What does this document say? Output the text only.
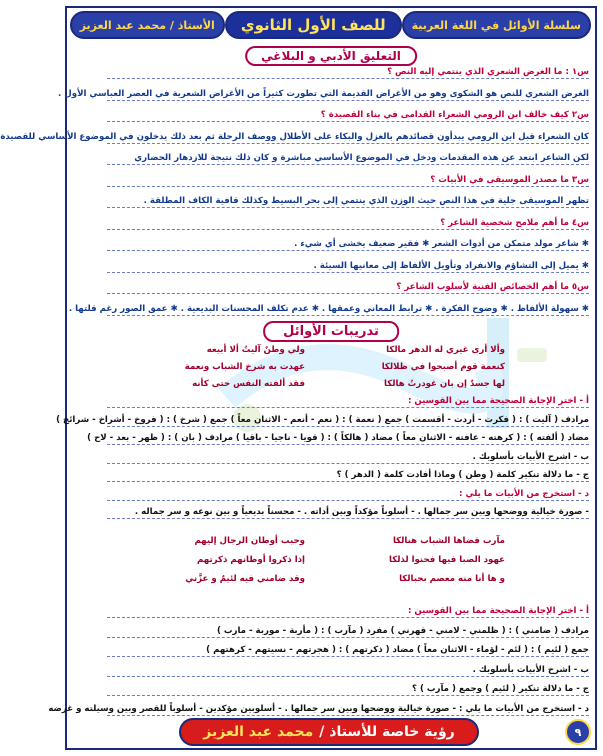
سلسلة الأوائل في اللغة العربية
للصف الأول الثانوي
الأستاذ / محمد عبد العزيز
التعليق الأدبي و البلاغي
س١ : ما الغرض الشعري الذي ينتمي إليه النص ؟
الغرض الشعري للنص هو الشكوى وهو من الأغراض القديمة التي تطورت كثيراً من الأغراض الشعرية في العصر العباسي الأول .
س٢ كيف خالف ابن الرومي الشعراء القدامى في بناء القصيدة ؟
كان الشعراء قبل ابن الرومي يبدأون قصائدهم بالغزل والبكاء على الأطلال ووصف الرحلة ثم بعد ذلك يدخلون في الموضوع الأساسي للقصيدة
لكن الشاعر ابتعد عن هذه المقدمات ودخل في الموضوع الأساسي مباشرة و كان ذلك نتيجة للازدهار الحضاري
س٣ ما مصدر الموسيقى في الأبيات ؟
تظهر الموسيقى جلية في هذا النص حيث الوزن الذي ينتمي إلى بحر البسيط وكذلك قافية الكاف المطلقة .
س٤ ما أهم ملامح شخصية الشاعر ؟
✱ شاعر مولد متمكن من أدوات الشعر ✱ فقير ضعيف يخشى أي شيء .
✱ يميل إلى التشاؤم والانفراد وتأويل الألفاظ إلى معانيها السيئة .
س٥ ما أهم الخصائص الفنية لأسلوب الشاعر ؟
✱ سهولة الألفاظ . ✱ وضوح الفكرة . ✱ ترابط المعاني وعمقها . ✱ عدم تكلف المحسنات البديعية . ✱ عمق الصور رغم قلتها .
تدريبات الأوائل
ولي وطنٌ آليتُ ألا أبيعه	وألا أرى غيري له الدهر مالكا
عهدت به شرخ الشباب ونعمة	كنعمة قوم أصبحوا في ظلالكا
فقد ألفته النفس حتى كأنه	لها جسدٌ إن بان غودرتُ هالكا
أ - اختر الإجابة الصحيحة مما بين القوسين :
مرادف ( آليت ) : ( فكرت - أردت - أقسمت ) جمع ( نعمة ) : ( نعم - أنعم - الاثنان معاً ) جمع ( شرخ ) : ( فروخ - أشراخ - شرائخ )
مضاد ( ألفته ) : ( كرهته - عافته - الاثنان معاً ) مضاد ( هالكاً ) : ( قويا - ناجيا - باقيا ) مرادف ( بان ) : ( ظهر - بعد - لاح )
ب - اشرح الأبيات بأسلوبك .
ج - ما دلالة تنكير كلمة ( وطن ) وماذا أفادت كلمة ( الدهر ) ؟
د - استخرج من الأبيات ما يلي :
- صورة خيالية ووضحها وبين سر جمالها . - أسلوباً مؤكداً وبين أداته . - محسناً بديعياً و بين نوعه و سر جماله .
وحبب أوطان الرجال إليهم	مآرب قضاها الشباب هنالكا
إذا ذكروا أوطانهم ذكرتهم	عهود الصبا فيها فحنوا لذلكا
وقد ضامني فيه لئيمٌ و عزَّني	و ها أنا منه معصم بحبالكا
أ - اختر الإجابة الصحيحة مما بين القوسين :
مرادف ( ضامني ) : ( ظلمني - لامني - قهرني ) مفرد ( مآرب ) : ( مأربة - موربة - مارب )
جمع ( لئيم ) : ( لئم - لؤماء - الاثنان معاً ) مضاد ( ذكرتهم ) : ( هجرتهم - نسيتهم - كرهتهم )
ب - اشرح الأبيات بأسلوبك .
ج - ما دلالة تنكير ( لئيم ) وجمع ( مآرب ) ؟
د - استخرج من الأبيات ما يلي : - صورة خيالية ووضحها وبين سر جمالها . - أسلوبين مؤكدين - أسلوباً للقصر وبين وسيلته و غرضه
٩
رؤية خاصة للأستاذ /
محمد عبد العزيز
